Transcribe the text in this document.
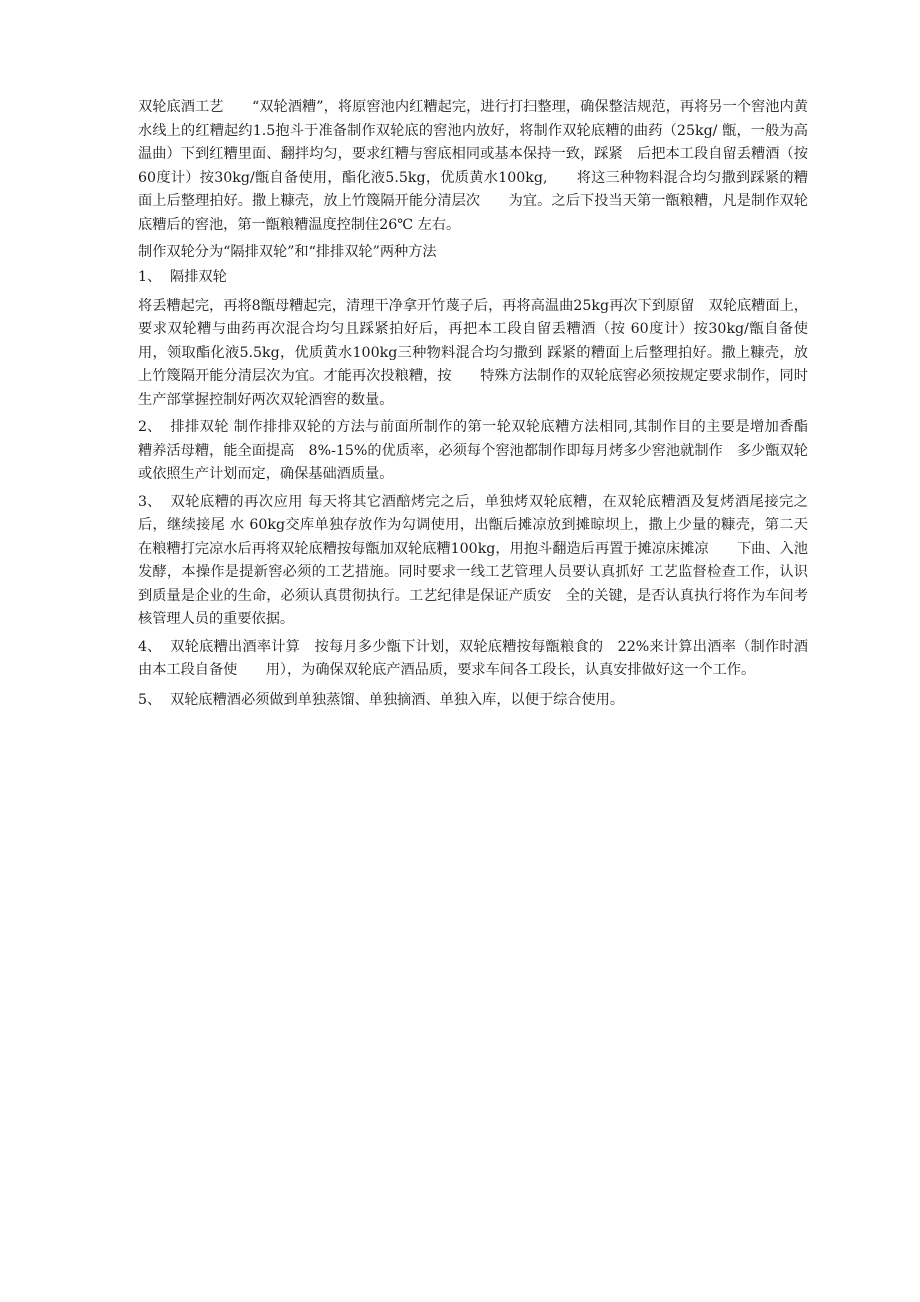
双轮底酒工艺　　“双轮酒糟”，将原窖池内红糟起完，进行打扫整理，确保整洁规范，再将另一个窖池内黄　水线上的红糟起约1.5抱斗于准备制作双轮底的窖池内放好，将制作双轮底糟的曲药（25kg/ 甑，一般为高温曲）下到红糟里面、翻拌均匀，要求红糟与窖底相同或基本保持一致，踩紧　后把本工段自留丢糟酒（按60度计）按30kg/甑自备使用，酯化液5.5kg，优质黄水100kg,　　将这三种物料混合均匀撒到踩紧的糟面上后整理拍好。撒上糠壳，放上竹篾隔开能分清层次　　为宜。之后下投当天第一甑粮糟，凡是制作双轮底糟后的窖池，第一甑粮糟温度控制住26℃ 左右。

制作双轮分为“隔排双轮”和“排排双轮”两种方法

1、 隔排双轮

将丢糟起完，再将8甑母糟起完，清理干净拿开竹蔑子后，再将高温曲25kg再次下到原留　双轮底糟面上，要求双轮糟与曲药再次混合均匀且踩紧拍好后，再把本工段自留丢糟酒（按 60度计）按30kg/甑自备使用，领取酯化液5.5kg，优质黄水100kg三种物料混合均匀撒到 踩紧的糟面上后整理拍好。撒上糠壳，放上竹篾隔开能分清层次为宜。才能再次投粮糟，按　　特殊方法制作的双轮底窖必须按规定要求制作，同时生产部掌握控制好两次双轮酒窖的数量。

2、 排排双轮 制作排排双轮的方法与前面所制作的第一轮双轮底糟方法相同,其制作目的主要是增加香酯　糟养活母糟，能全面提高　8%-15%的优质率，必须每个窖池都制作即每月烤多少窖池就制作　多少甑双轮或依照生产计划而定，确保基础酒质量。

3、 双轮底糟的再次应用 每天将其它酒醅烤完之后，单独烤双轮底糟，在双轮底糟酒及复烤酒尾接完之后，继续接尾 水 60kg交库单独存放作为勾调使用，出甑后摊凉放到摊晾坝上，撒上少量的糠壳，第二天　在粮糟打完凉水后再将双轮底糟按每甑加双轮底糟100kg，用抱斗翻造后再置于摊凉床摊凉　　下曲、入池发酵，本操作是提新窖必须的工艺措施。同时要求一线工艺管理人员要认真抓好 工艺监督检查工作，认识到质量是企业的生命，必须认真贯彻执行。工艺纪律是保证产质安　全的关键，是否认真执行将作为车间考核管理人员的重要依据。

4、 双轮底糟出酒率计算　按每月多少甑下计划，双轮底糟按每甑粮食的　22%来计算出酒率（制作时酒由本工段自备使　　用），为确保双轮底产酒品质，要求车间各工段长，认真安排做好这一个工作。

5、 双轮底糟酒必须做到单独蒸馏、单独摘酒、单独入库，以便于综合使用。
